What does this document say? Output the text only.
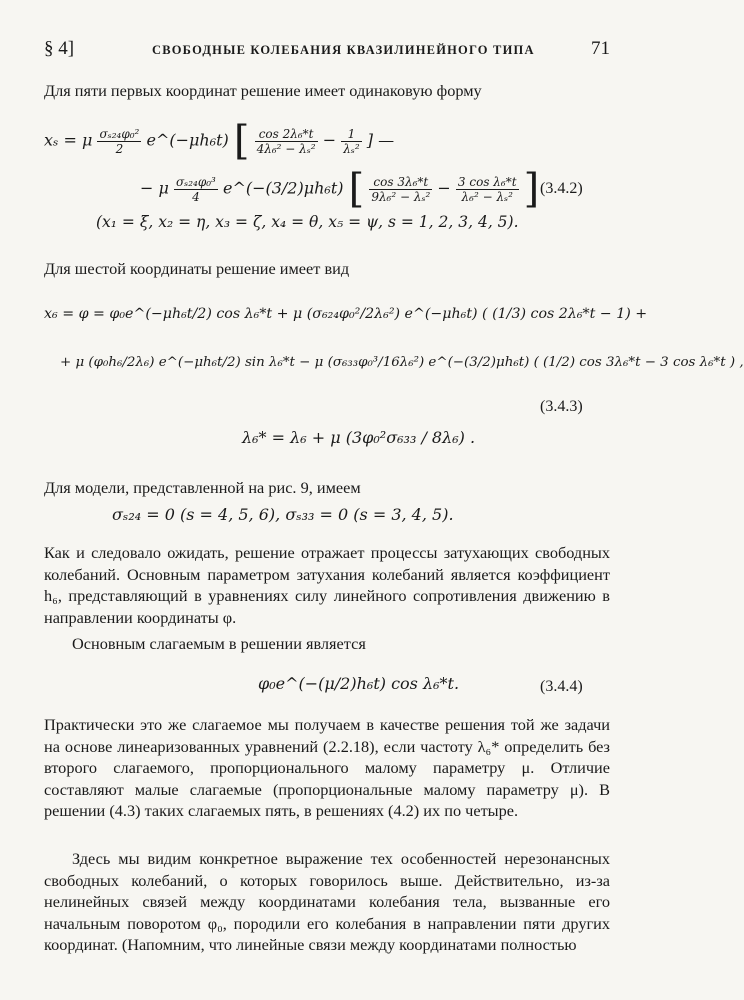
§ 4]	СВОБОДНЫЕ КОЛЕБАНИЯ КВАЗИЛИНЕЙНОГО ТИПА	71
Для пяти первых координат решение имеет одинаковую форму
xₛ = μ $\frac{\text{σₛ₂₄φ₀²}}{2}$ e^(−μh₆t) [ $\frac{\text{cos 2λ₆*t}}{\text{4λ₆² − λₛ²}} - \frac{1}{\text{λₛ²}}$ ] —
− μ $\frac{\text{σₛ₂₄φ₀³}}{4}$ e^(−(3/2)μh₆t) [ $\frac{\text{cos 3λ₆*t}}{\text{9λ₆² − λₛ²}} - \frac{\text{3 cos λ₆*t}}{\text{λ₆² − λₛ²}}$ ] (3.4.2)
(x₁ = ξ, x₂ = η, x₃ = ζ, x₄ = θ, x₅ = ψ, s = 1, 2, 3, 4, 5).
Для шестой координаты решение имеет вид
x₆ = φ = φ₀e^(−μh₆t/2) cos λ₆*t + μ (σ₆₂₄φ₀²/2λ₆²) e^(−μh₆t) ( (1/3) cos 2λ₆*t − 1) +
+ μ (φ₀h₆/2λ₆) e^(−μh₆t/2) sin λ₆*t − μ (σ₆₃₃φ₀³/16λ₆²) e^(−(3/2)μh₆t) ( (1/2) cos 3λ₆*t − 3 cos λ₆*t ) ,
(3.4.3)
λ₆* = λ₆ + μ (3φ₀²σ₆₃₃ / 8λ₆) .
Для модели, представленной на рис. 9, имеем
σₛ₂₄ = 0 (s = 4, 5, 6), σₛ₃₃ = 0 (s = 3, 4, 5).
Как и следовало ожидать, решение отражает процессы затухающих свободных колебаний. Основным параметром затухания колебаний является коэффициент h₆, представляющий в уравнениях силу линейного сопротивления движению в направлении координаты φ.
Основным слагаемым в решении является
φ₀e^(−(μ/2)h₆t) cos λ₆*t.	(3.4.4)
Практически это же слагаемое мы получаем в качестве решения той же задачи на основе линеаризованных уравнений (2.2.18), если частоту λ₆* определить без второго слагаемого, пропорционального малому параметру μ. Отличие составляют малые слагаемые (пропорциональные малому параметру μ). В решении (4.3) таких слагаемых пять, в решениях (4.2) их по четыре.
Здесь мы видим конкретное выражение тех особенностей нерезонансных свободных колебаний, о которых говорилось выше. Действительно, из-за нелинейных связей между координатами колебания тела, вызванные его начальным поворотом φ₀, породили его колебания в направлении пяти других координат. (Напомним, что линейные связи между координатами полностью
